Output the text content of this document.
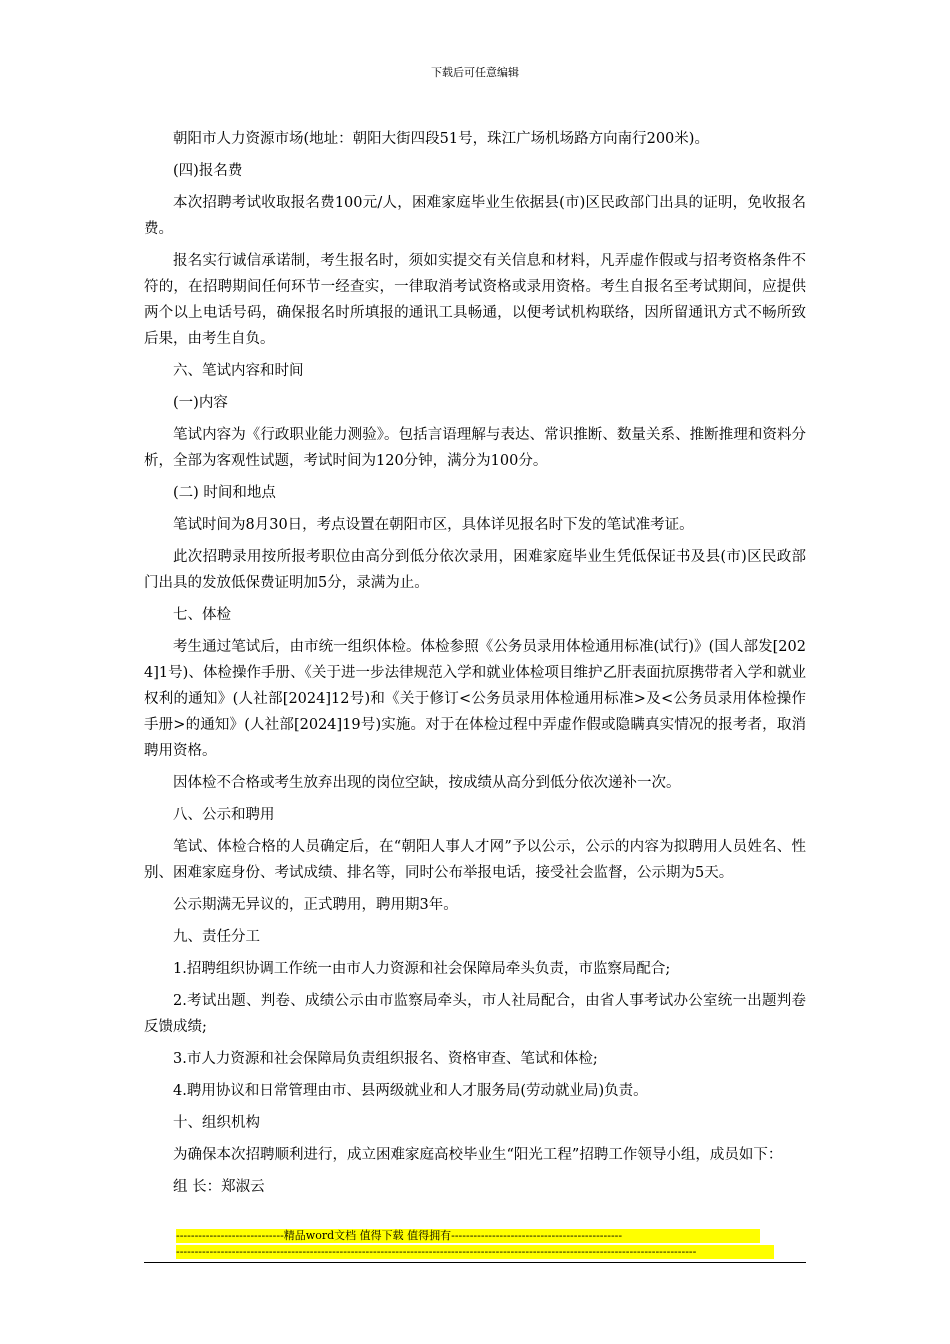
下载后可任意编辑

朝阳市人力资源市场(地址：朝阳大街四段51号，珠江广场机场路方向南行200米)。

(四)报名费

本次招聘考试收取报名费100元/人，困难家庭毕业生依据县(市)区民政部门出具的证明，免收报名费。

报名实行诚信承诺制，考生报名时，须如实提交有关信息和材料，凡弄虚作假或与招考资格条件不符的，在招聘期间任何环节一经查实，一律取消考试资格或录用资格。考生自报名至考试期间，应提供两个以上电话号码，确保报名时所填报的通讯工具畅通，以便考试机构联络，因所留通讯方式不畅所致后果，由考生自负。

六、笔试内容和时间

(一)内容

笔试内容为《行政职业能力测验》。包括言语理解与表达、常识推断、数量关系、推断推理和资料分析，全部为客观性试题，考试时间为120分钟，满分为100分。

(二) 时间和地点

笔试时间为8月30日，考点设置在朝阳市区，具体详见报名时下发的笔试准考证。

此次招聘录用按所报考职位由高分到低分依次录用，困难家庭毕业生凭低保证书及县(市)区民政部门出具的发放低保费证明加5分，录满为止。

七、体检

考生通过笔试后，由市统一组织体检。体检参照《公务员录用体检通用标准(试行)》(国人部发[2024]1号)、体检操作手册、《关于进一步法律规范入学和就业体检项目维护乙肝表面抗原携带者入学和就业权利的通知》(人社部[2024]12号)和《关于修订<公务员录用体检通用标准>及<公务员录用体检操作手册>的通知》(人社部[2024]19号)实施。对于在体检过程中弄虚作假或隐瞒真实情况的报考者，取消聘用资格。

因体检不合格或考生放弃出现的岗位空缺，按成绩从高分到低分依次递补一次。

八、公示和聘用

笔试、体检合格的人员确定后，在“朝阳人事人才网”予以公示，公示的内容为拟聘用人员姓名、性别、困难家庭身份、考试成绩、排名等，同时公布举报电话，接受社会监督，公示期为5天。

公示期满无异议的，正式聘用，聘用期3年。

九、责任分工

1.招聘组织协调工作统一由市人力资源和社会保障局牵头负责，市监察局配合;

2.考试出题、判卷、成绩公示由市监察局牵头，市人社局配合，由省人事考试办公室统一出题判卷反馈成绩;

3.市人力资源和社会保障局负责组织报名、资格审查、笔试和体检;

4.聘用协议和日常管理由市、县两级就业和人才服务局(劳动就业局)负责。

十、组织机构

为确保本次招聘顺利进行，成立困难家庭高校毕业生“阳光工程”招聘工作领导小组，成员如下：

组 长：郑淑云

-----------------------------精品word文档 值得下载 值得拥有----------------------------------------------
--------------------------------------------------------------------------------------------------------------------------------------------
